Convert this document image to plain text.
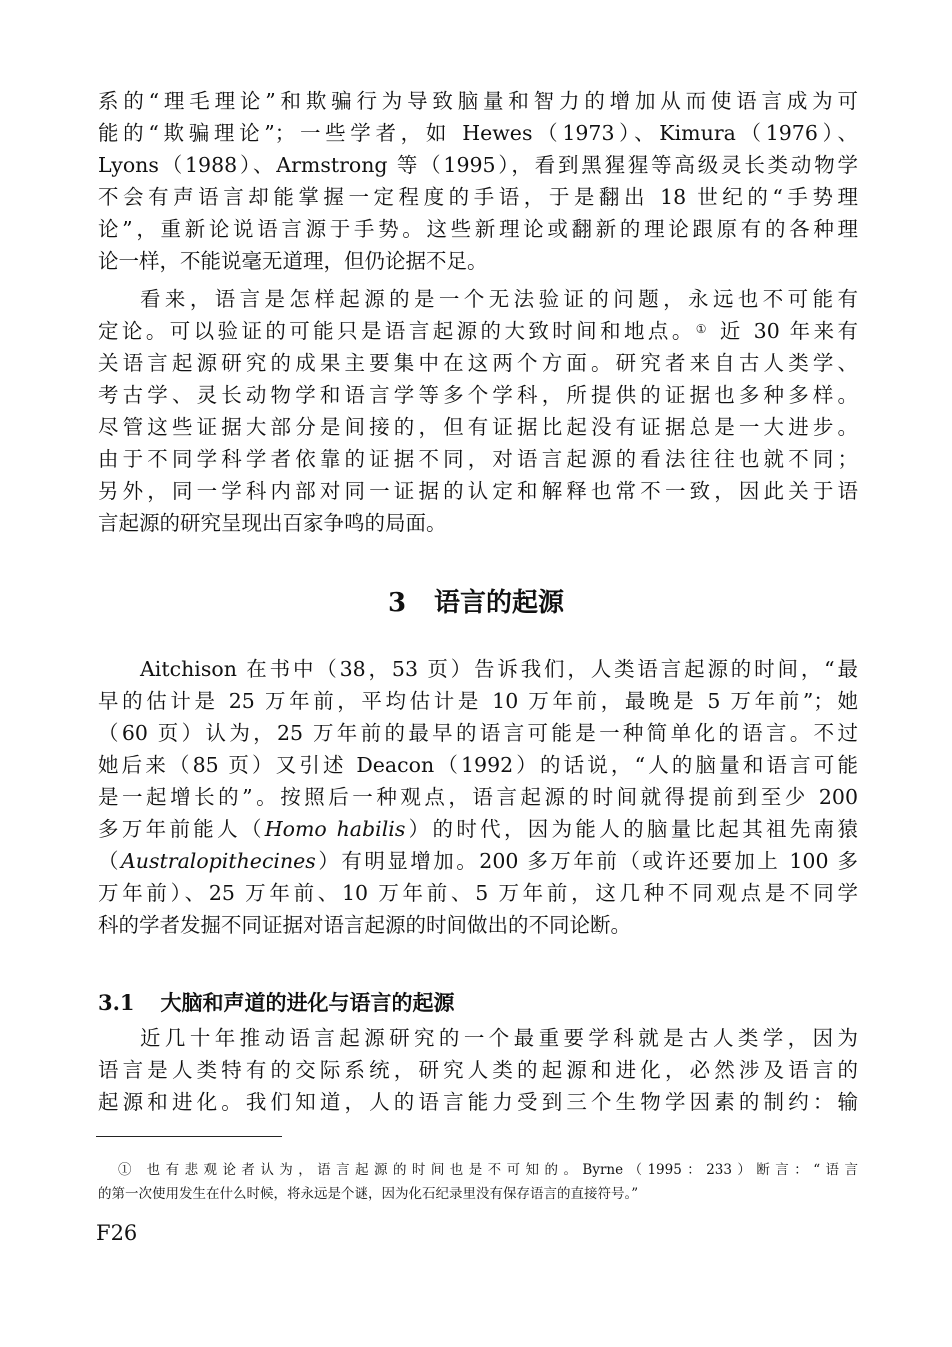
系的“理毛理论”和欺骗行为导致脑量和智力的增加从而使语言成为可
能的“欺骗理论”；一些学者，如 Hewes（1973）、Kimura（1976）、
Lyons（1988）、Armstrong 等（1995），看到黑猩猩等高级灵长类动物学
不会有声语言却能掌握一定程度的手语，于是翻出 18 世纪的“手势理
论”，重新论说语言源于手势。这些新理论或翻新的理论跟原有的各种理
论一样，不能说毫无道理，但仍论据不足。
看来，语言是怎样起源的是一个无法验证的问题，永远也不可能有
定论。可以验证的可能只是语言起源的大致时间和地点。① 近 30 年来有
关语言起源研究的成果主要集中在这两个方面。研究者来自古人类学、
考古学、灵长动物学和语言学等多个学科，所提供的证据也多种多样。
尽管这些证据大部分是间接的，但有证据比起没有证据总是一大进步。
由于不同学科学者依靠的证据不同，对语言起源的看法往往也就不同；
另外，同一学科内部对同一证据的认定和解释也常不一致，因此关于语
言起源的研究呈现出百家争鸣的局面。
3 语言的起源
Aitchison 在书中（38，53 页）告诉我们，人类语言起源的时间，“最
早的估计是 25 万年前，平均估计是 10 万年前，最晚是 5 万年前”；她
（60 页）认为，25 万年前的最早的语言可能是一种简单化的语言。不过
她后来（85 页）又引述 Deacon（1992）的话说，“人的脑量和语言可能
是一起增长的”。按照后一种观点，语言起源的时间就得提前到至少 200
多万年前能人（Homo habilis）的时代，因为能人的脑量比起其祖先南猿
（Australopithecines）有明显增加。200 多万年前（或许还要加上 100 多
万年前）、25 万年前、10 万年前、5 万年前，这几种不同观点是不同学
科的学者发掘不同证据对语言起源的时间做出的不同论断。
3.1 大脑和声道的进化与语言的起源
近几十年推动语言起源研究的一个最重要学科就是古人类学，因为
语言是人类特有的交际系统，研究人类的起源和进化，必然涉及语言的
起源和进化。我们知道，人的语言能力受到三个生物学因素的制约：输
① 也有悲观论者认为，语言起源的时间也是不可知的。Byrne（1995：233）断言：“语言
的第一次使用发生在什么时候，将永远是个谜，因为化石纪录里没有保存语言的直接符号。”
F26
